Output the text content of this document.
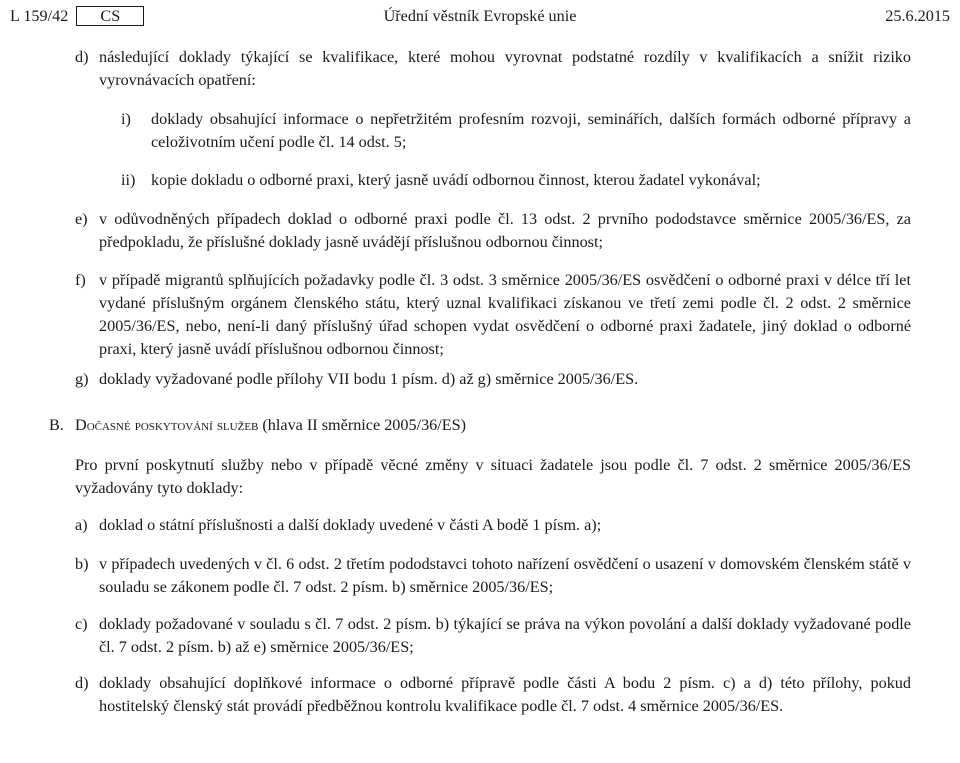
L 159/42	CS	Úřední věstník Evropské unie	25.6.2015
d) následující doklady týkající se kvalifikace, které mohou vyrovnat podstatné rozdíly v kvalifikacích a snížit riziko vyrovnávacích opatření:
i)	doklady obsahující informace o nepřetržitém profesním rozvoji, seminářích, dalších formách odborné přípravy a celoživotním učení podle čl. 14 odst. 5;
ii) kopie dokladu o odborné praxi, který jasně uvádí odbornou činnost, kterou žadatel vykonával;
e) v odůvodněných případech doklad o odborné praxi podle čl. 13 odst. 2 prvního pododstavce směrnice 2005/36/ES, za předpokladu, že příslušné doklady jasně uvádějí příslušnou odbornou činnost;
f) v případě migrantů splňujících požadavky podle čl. 3 odst. 3 směrnice 2005/36/ES osvědčení o odborné praxi v délce tří let vydané příslušným orgánem členského státu, který uznal kvalifikaci získanou ve třetí zemi podle čl. 2 odst. 2 směrnice 2005/36/ES, nebo, není-li daný příslušný úřad schopen vydat osvědčení o odborné praxi žadatele, jiný doklad o odborné praxi, který jasně uvádí příslušnou odbornou činnost;
g) doklady vyžadované podle přílohy VII bodu 1 písm. d) až g) směrnice 2005/36/ES.
B. Dočasné poskytování služeb (hlava II směrnice 2005/36/ES)
Pro první poskytnutí služby nebo v případě věcné změny v situaci žadatele jsou podle čl. 7 odst. 2 směrnice 2005/36/ES vyžadovány tyto doklady:
a) doklad o státní příslušnosti a další doklady uvedené v části A bodě 1 písm. a);
b) v případech uvedených v čl. 6 odst. 2 třetím pododstavci tohoto nařízení osvědčení o usazení v domovském členském státě v souladu se zákonem podle čl. 7 odst. 2 písm. b) směrnice 2005/36/ES;
c) doklady požadované v souladu s čl. 7 odst. 2 písm. b) týkající se práva na výkon povolání a další doklady vyžadované podle čl. 7 odst. 2 písm. b) až e) směrnice 2005/36/ES;
d) doklady obsahující doplňkové informace o odborné přípravě podle části A bodu 2 písm. c) a d) této přílohy, pokud hostitelský členský stát provádí předběžnou kontrolu kvalifikace podle čl. 7 odst. 4 směrnice 2005/36/ES.
